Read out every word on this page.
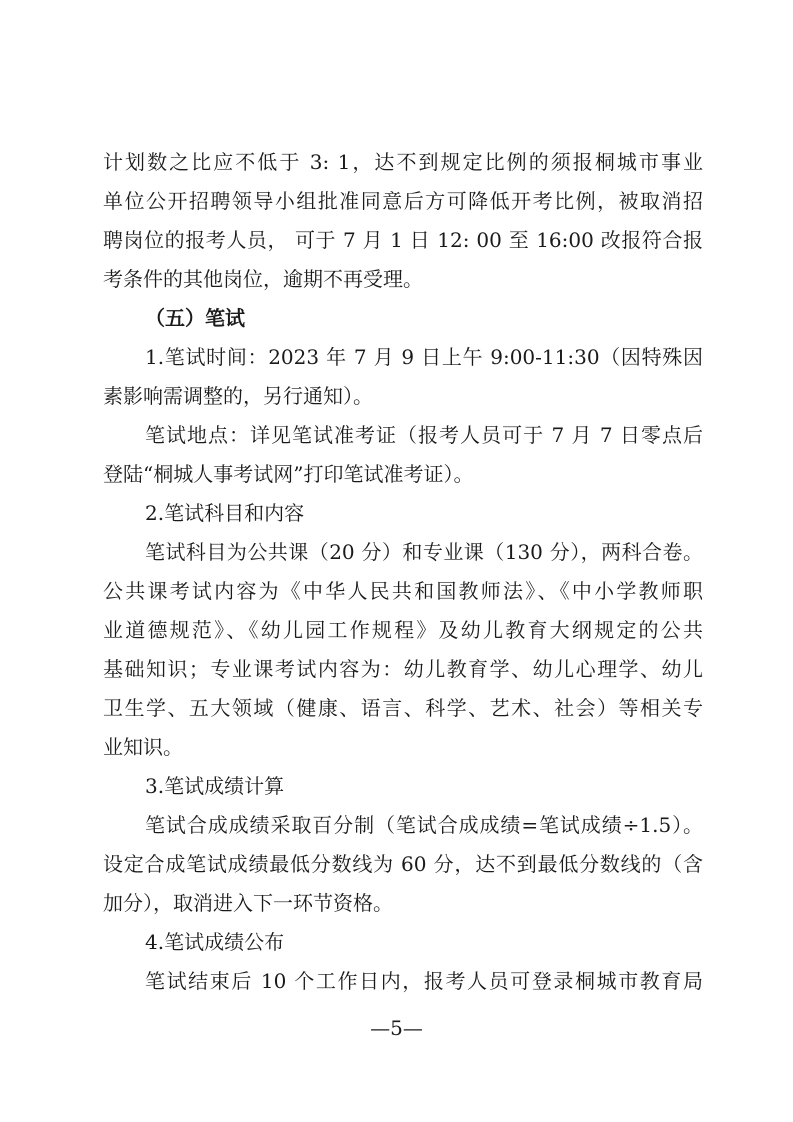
计划数之比应不低于 3: 1，达不到规定比例的须报桐城市事业
单位公开招聘领导小组批准同意后方可降低开考比例，被取消招
聘岗位的报考人员， 可于 7 月 1 日 12: 00 至 16:00 改报符合报
考条件的其他岗位，逾期不再受理。
（五）笔试
1.笔试时间：2023 年 7 月 9 日上午 9:00-11:30（因特殊因
素影响需调整的，另行通知）。
笔试地点：详见笔试准考证（报考人员可于 7 月 7 日零点后
登陆“桐城人事考试网”打印笔试准考证）。
2.笔试科目和内容
笔试科目为公共课（20 分）和专业课（130 分），两科合卷。
公共课考试内容为《中华人民共和国教师法》、《中小学教师职
业道德规范》、《幼儿园工作规程》及幼儿教育大纲规定的公共
基础知识；专业课考试内容为：幼儿教育学、幼儿心理学、幼儿
卫生学、五大领域（健康、语言、科学、艺术、社会）等相关专
业知识。
3.笔试成绩计算
笔试合成成绩采取百分制（笔试合成成绩=笔试成绩÷1.5）。
设定合成笔试成绩最低分数线为 60 分，达不到最低分数线的（含
加分），取消进入下一环节资格。
4.笔试成绩公布
笔试结束后 10 个工作日内，报考人员可登录桐城市教育局
—5—
